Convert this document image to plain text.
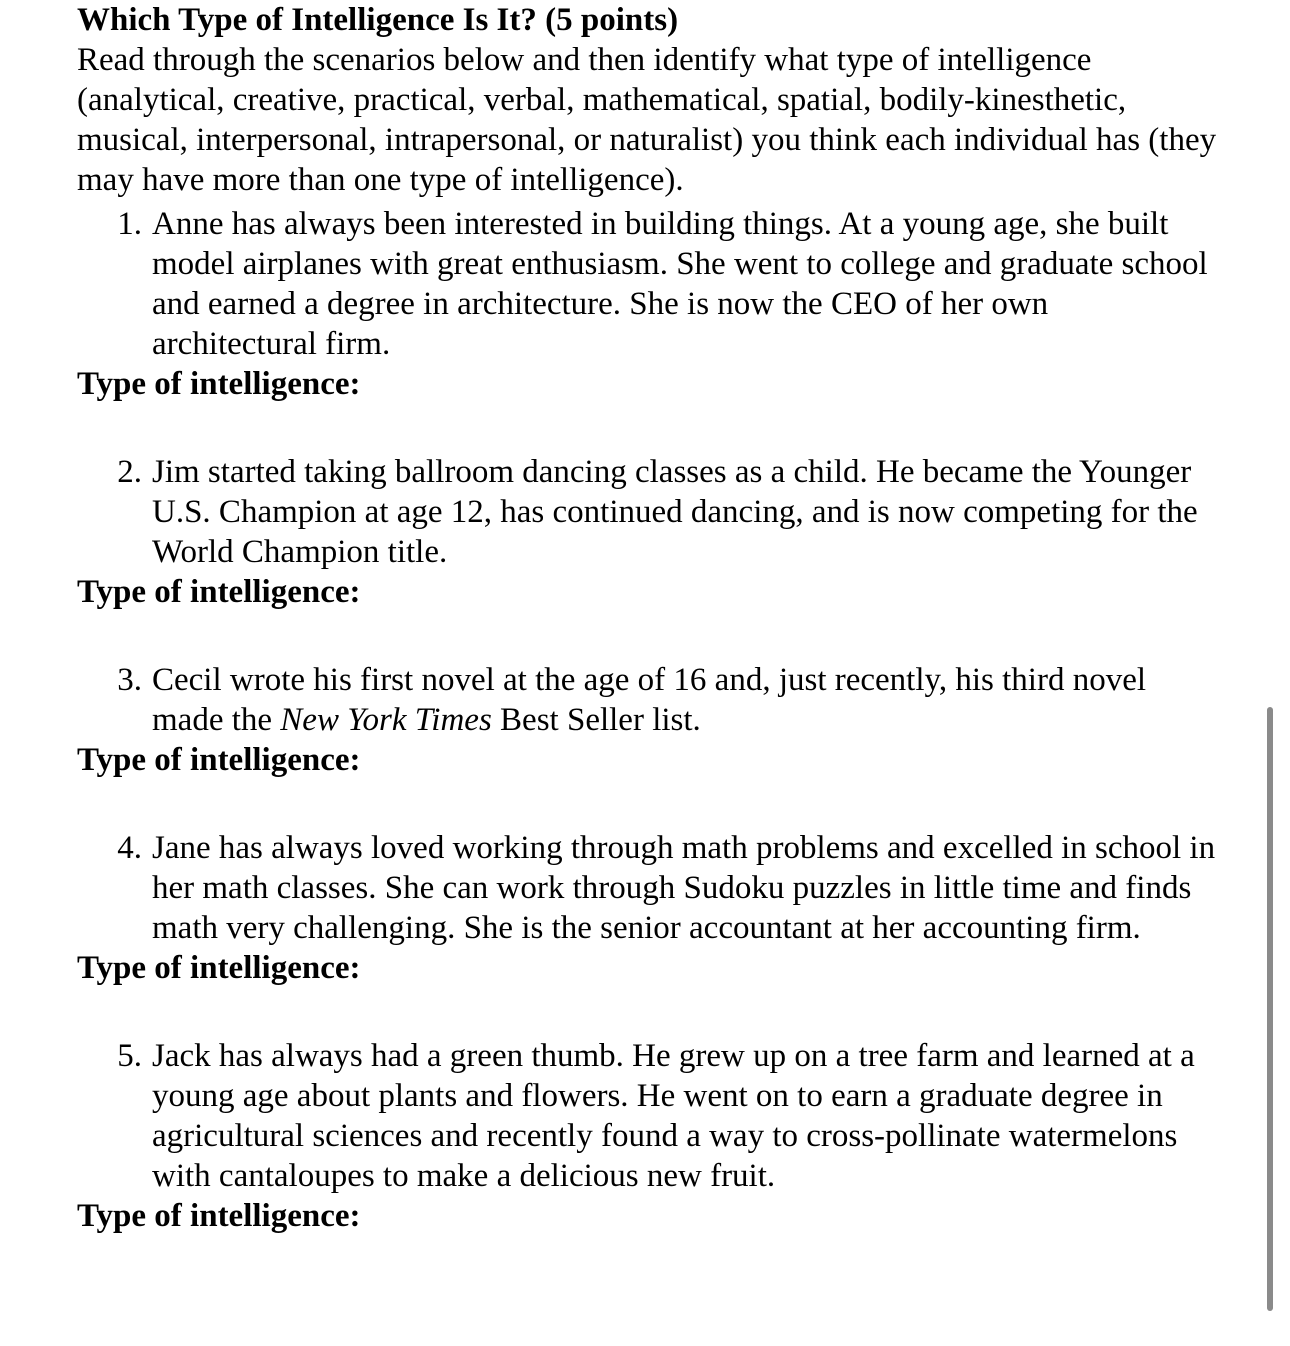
Which Type of Intelligence Is It? (5 points)

Read through the scenarios below and then identify what type of intelligence (analytical, creative, practical, verbal, mathematical, spatial, bodily-kinesthetic, musical, interpersonal, intrapersonal, or naturalist) you think each individual has (they may have more than one type of intelligence).

1. Anne has always been interested in building things. At a young age, she built model airplanes with great enthusiasm. She went to college and graduate school and earned a degree in architecture. She is now the CEO of her own architectural firm.

Type of intelligence:

2. Jim started taking ballroom dancing classes as a child. He became the Younger U.S. Champion at age 12, has continued dancing, and is now competing for the World Champion title.

Type of intelligence:

3. Cecil wrote his first novel at the age of 16 and, just recently, his third novel made the New York Times Best Seller list.

Type of intelligence:

4. Jane has always loved working through math problems and excelled in school in her math classes. She can work through Sudoku puzzles in little time and finds math very challenging. She is the senior accountant at her accounting firm.

Type of intelligence:

5. Jack has always had a green thumb. He grew up on a tree farm and learned at a young age about plants and flowers. He went on to earn a graduate degree in agricultural sciences and recently found a way to cross-pollinate watermelons with cantaloupes to make a delicious new fruit.

Type of intelligence:
